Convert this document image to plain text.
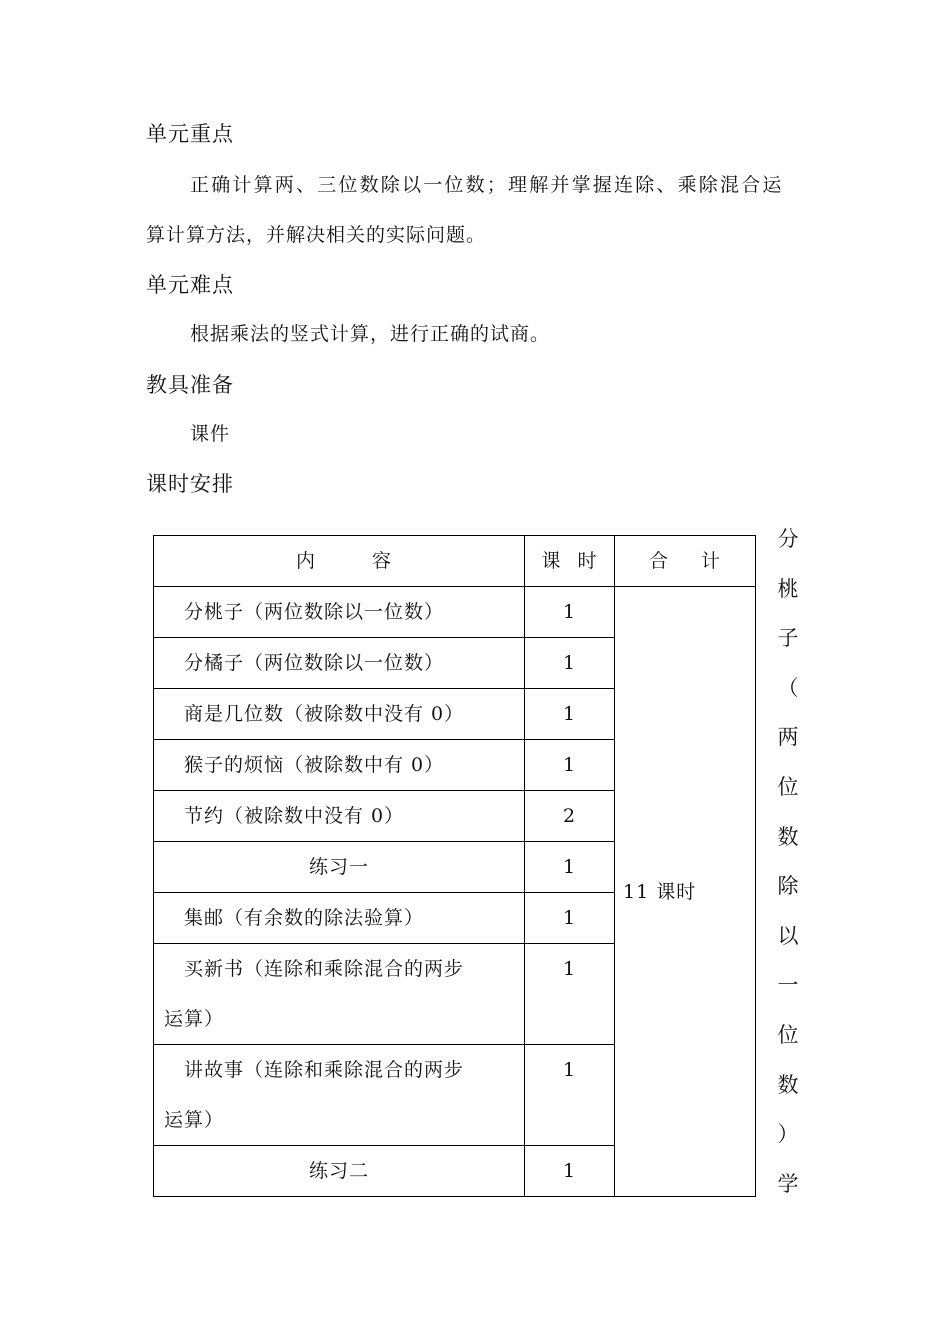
单元重点

正确计算两、三位数除以一位数；理解并掌握连除、乘除混合运

算计算方法，并解决相关的实际问题。

单元难点

根据乘法的竖式计算，进行正确的试商。

教具准备

课件

课时安排
内 容	课 时	合 计
分桃子（两位数除以一位数）	1	11 课时
分橘子（两位数除以一位数）	1	
商是几位数（被除数中没有 0）	1	
猴子的烦恼（被除数中有 0）	1	
节约（被除数中没有 0）	2	
练习一	1	
集邮（有余数的除法验算）	1	

买新书（连除和乘除混合的两步
运算）	1	

讲故事（连除和乘除混合的两步
运算）	1	
练习二	1	
分
桃
子
（
两
位
数
除
以
一
位
数
）
学
